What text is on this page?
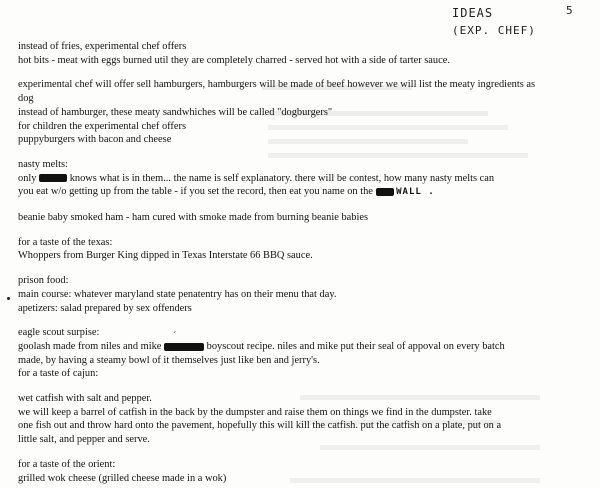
IDEAS	5
(EXP. CHEF)
´

instead of fries, experimental chef offers

hot bits - meat with eggs burned util they are completely charred - served hot with a side of tarter sauce.

experimental chef will offer sell hamburgers, hamburgers will be made of beef however we will list the meaty ingredients as

dog

instead of hamburger, these meaty sandwhiches will be called "dogburgers"

for children the experimental chef offers

puppyburgers with bacon and cheese

nasty melts:

only	knows what is in them... the name is self explanatory. there will be contest, how many nasty melts can

you eat w/o getting up from the table - if you set the record, then eat you name on the	WALL .

beanie baby smoked ham - ham cured with smoke made from burning beanie babies

for a taste of the texas:

Whoppers from Burger King dipped in Texas Interstate 66 BBQ sauce.

prison food:

main course: whatever maryland state penatentry has on their menu that day.

apetizers: salad prepared by sex offenders

eagle scout surpise:

goolash made from niles and mike	boyscout recipe. niles and mike put their seal of appoval on every batch

made, by having a steamy bowl of it themselves just like ben and jerry's.

for a taste of cajun:

wet catfish with salt and pepper.

we will keep a barrel of catfish in the back by the dumpster and raise them on things we find in the dumpster. take

one fish out and throw hard onto the pavement, hopefully this will kill the catfish. put the catfish on a plate, put on a

little salt, and pepper and serve.

for a taste of the orient:

grilled wok cheese (grilled cheese made in a wok)
